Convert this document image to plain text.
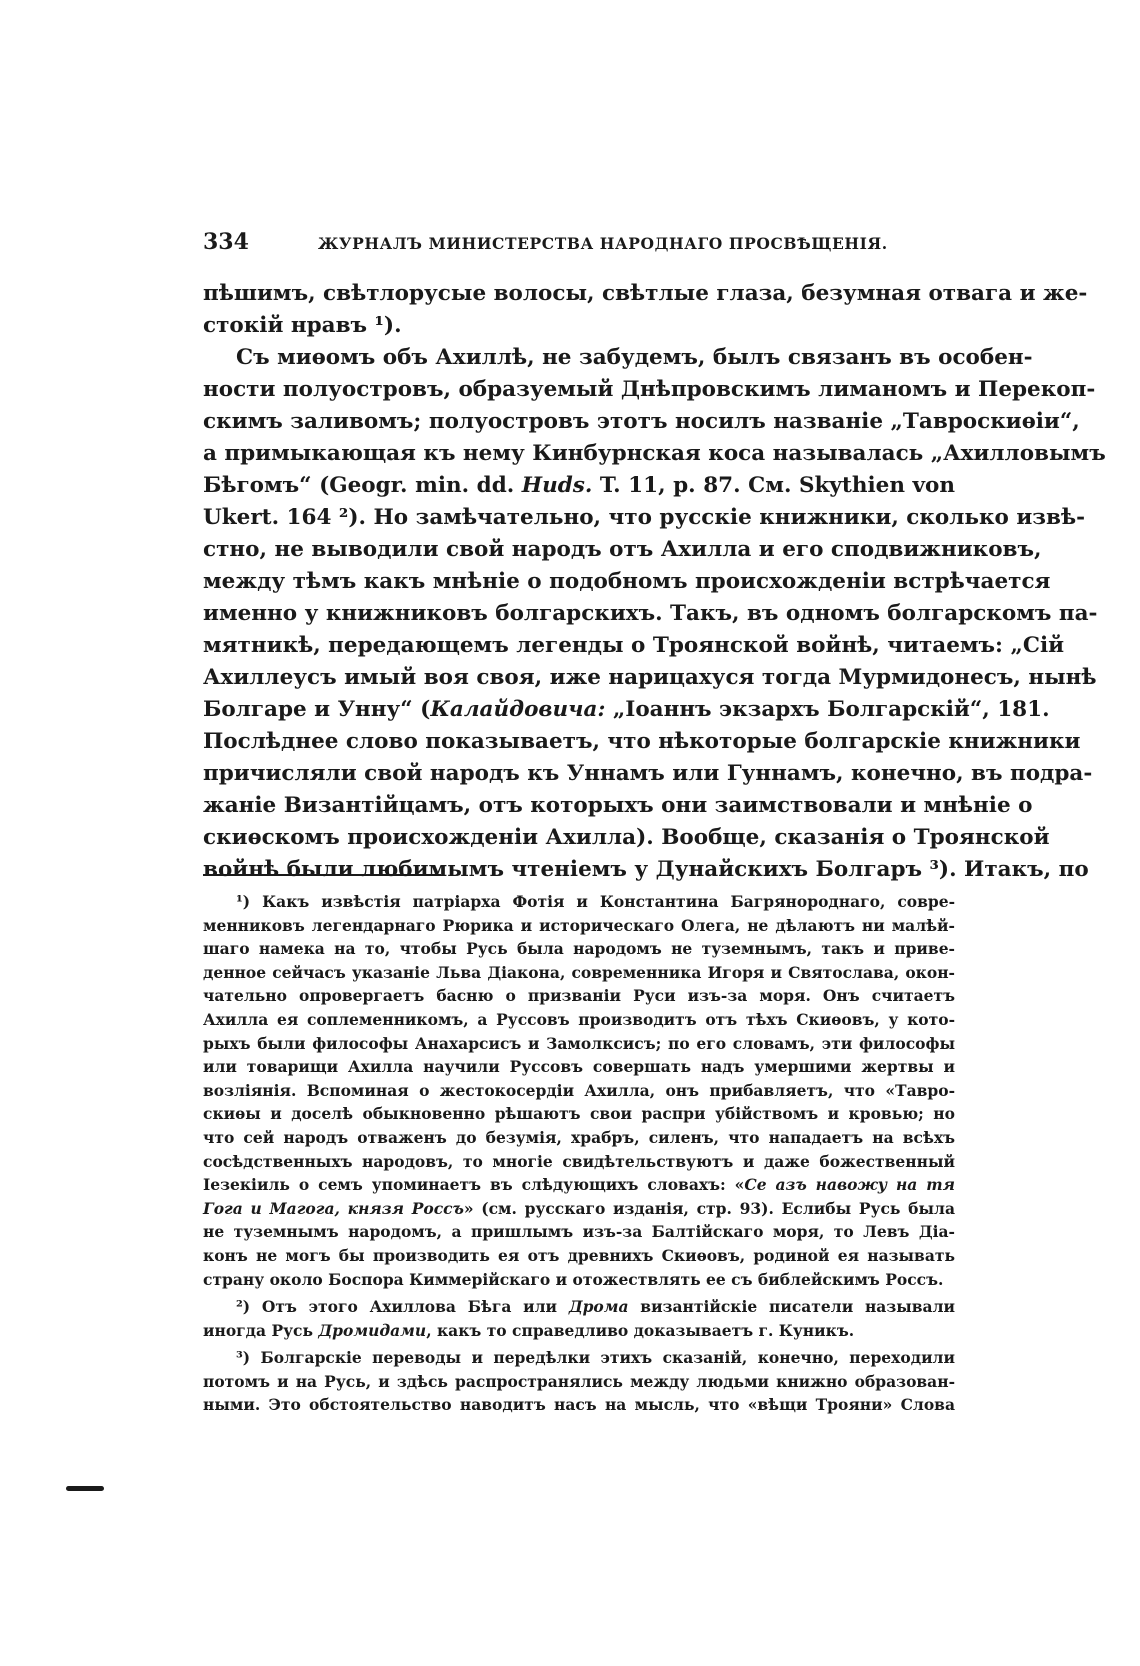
334	ЖУРНАЛЪ МИНИСТЕРСТВА НАРОДНАГО ПРОСВѢЩЕНІЯ.
пѣшимъ, свѣтлорусые волосы, свѣтлые глаза, безумная отвага и же-
стокій нравъ ¹).
Съ миѳомъ объ Ахиллѣ, не забудемъ, былъ связанъ въ особен-
ности полуостровъ, образуемый Днѣпровскимъ лиманомъ и Перекоп-
скимъ заливомъ; полуостровъ этотъ носилъ названіе „Тавроскиѳіи“,
а примыкающая къ нему Кинбурнская коса называлась „Ахилловымъ
Бѣгомъ“ (Geogr. min. dd. Huds. T. 11, p. 87. См. Skythien von
Ukert. 164 ²). Но замѣчательно, что русскіе книжники, сколько извѣ-
стно, не выводили свой народъ отъ Ахилла и его сподвижниковъ,
между тѣмъ какъ мнѣніе о подобномъ происхожденіи встрѣчается
именно у книжниковъ болгарскихъ. Такъ, въ одномъ болгарскомъ па-
мятникѣ, передающемъ легенды о Троянской войнѣ, читаемъ: „Сій
Ахиллеусъ имый воя своя, иже нарицахуся тогда Мурмидонесъ, нынѣ
Болгаре и Унну“ (Калайдовича: „Іоаннъ экзархъ Болгарскій“, 181.
Послѣднее слово показываетъ, что нѣкоторые болгарскіе книжники
причисляли свой народъ къ Уннамъ или Гуннамъ, конечно, въ подра-
жаніе Византійцамъ, отъ которыхъ они заимствовали и мнѣніе о
скиѳскомъ происхожденіи Ахилла). Вообще, сказанія о Троянской
войнѣ были любимымъ чтеніемъ у Дунайскихъ Болгаръ ³). Итакъ, по
¹) Какъ извѣстія патріарха Фотія и Константина Багрянороднаго, совре-
менниковъ легендарнаго Рюрика и историческаго Олега, не дѣлаютъ ни малѣй-
шаго намека на то, чтобы Русь была народомъ не туземнымъ, такъ и приве-
денное сейчасъ указаніе Льва Діакона, современника Игоря и Святослава, окон-
чательно опровергаетъ басню о призваніи Руси изъ-за моря. Онъ считаетъ
Ахилла ея соплеменникомъ, а Руссовъ производитъ отъ тѣхъ Скиѳовъ, у кото-
рыхъ были философы Анахарсисъ и Замолксисъ; по его словамъ, эти философы
или товарищи Ахилла научили Руссовъ совершать надъ умершими жертвы и
возліянія. Вспоминая о жестокосердіи Ахилла, онъ прибавляетъ, что «Тавро-
скиѳы и доселѣ обыкновенно рѣшаютъ свои распри убійствомъ и кровью; но
что сей народъ отваженъ до безумія, храбръ, силенъ, что нападаетъ на всѣхъ
сосѣдственныхъ народовъ, то многіе свидѣтельствуютъ и даже божественный
Іезекіиль о семъ упоминаетъ въ слѣдующихъ словахъ: «Се азъ навожу на тя
Гога и Магога, князя Россъ» (см. русскаго изданія, стр. 93). Еслибы Русь была
не туземнымъ народомъ, а пришлымъ изъ-за Балтійскаго моря, то Левъ Діа-
конъ не могъ бы производить ея отъ древнихъ Скиѳовъ, родиной ея называть
страну около Боспора Киммерійскаго и отожествлять ее съ библейскимъ Россъ.
²) Отъ этого Ахиллова Бѣга или Дрома византійскіе писатели называли
иногда Русь Дромидами, какъ то справедливо доказываетъ г. Куникъ.
³) Болгарскіе переводы и передѣлки этихъ сказаній, конечно, переходили
потомъ и на Русь, и здѣсь распространялись между людьми книжно образован-
ными. Это обстоятельство наводитъ насъ на мысль, что «вѣщи Трояни» Слова
